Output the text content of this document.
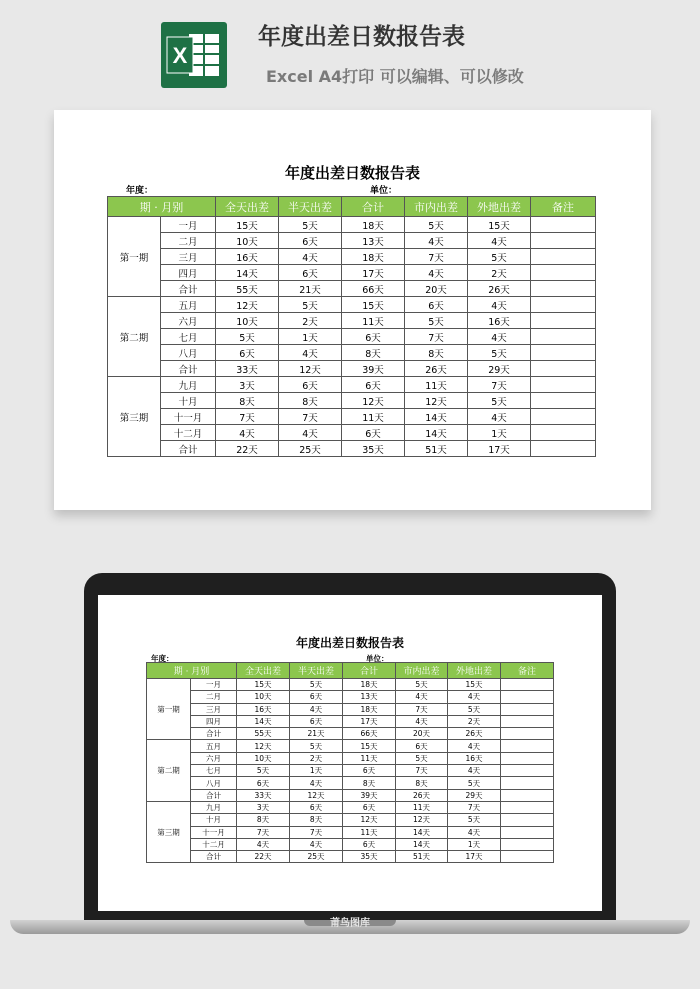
X
年度出差日数报告表
Excel A4打印 可以编辑、可以修改
年度出差日数报告表
年度：	单位：
期 · 月别		全天出差	半天出差	合计	市内出差	外地出差	备注
第一期	一月	15天	5天	18天	5天	15天	
	二月	10天	6天	13天	4天	4天	
	三月	16天	4天	18天	7天	5天	
	四月	14天	6天	17天	4天	2天	
	合计	55天	21天	66天	20天	26天	
第二期	五月	12天	5天	15天	6天	4天	
	六月	10天	2天	11天	5天	16天	
	七月	5天	1天	6天	7天	4天	
	八月	6天	4天	8天	8天	5天	
	合计	33天	12天	39天	26天	29天	
第三期	九月	3天	6天	6天	11天	7天	
	十月	8天	8天	12天	12天	5天	
	十一月	7天	7天	11天	14天	4天	
	十二月	4天	4天	6天	14天	1天	
	合计	22天	25天	35天	51天	17天	
年度出差日数报告表
年度：	单位：
期 · 月别		全天出差	半天出差	合计	市内出差	外地出差	备注
第一期	一月	15天	5天	18天	5天	15天	
	二月	10天	6天	13天	4天	4天	
	三月	16天	4天	18天	7天	5天	
	四月	14天	6天	17天	4天	2天	
	合计	55天	21天	66天	20天	26天	
第二期	五月	12天	5天	15天	6天	4天	
	六月	10天	2天	11天	5天	16天	
	七月	5天	1天	6天	7天	4天	
	八月	6天	4天	8天	8天	5天	
	合计	33天	12天	39天	26天	29天	
第三期	九月	3天	6天	6天	11天	7天	
	十月	8天	8天	12天	12天	5天	
	十一月	7天	7天	11天	14天	4天	
	十二月	4天	4天	6天	14天	1天	
	合计	22天	25天	35天	51天	17天	
莆鸟图库
